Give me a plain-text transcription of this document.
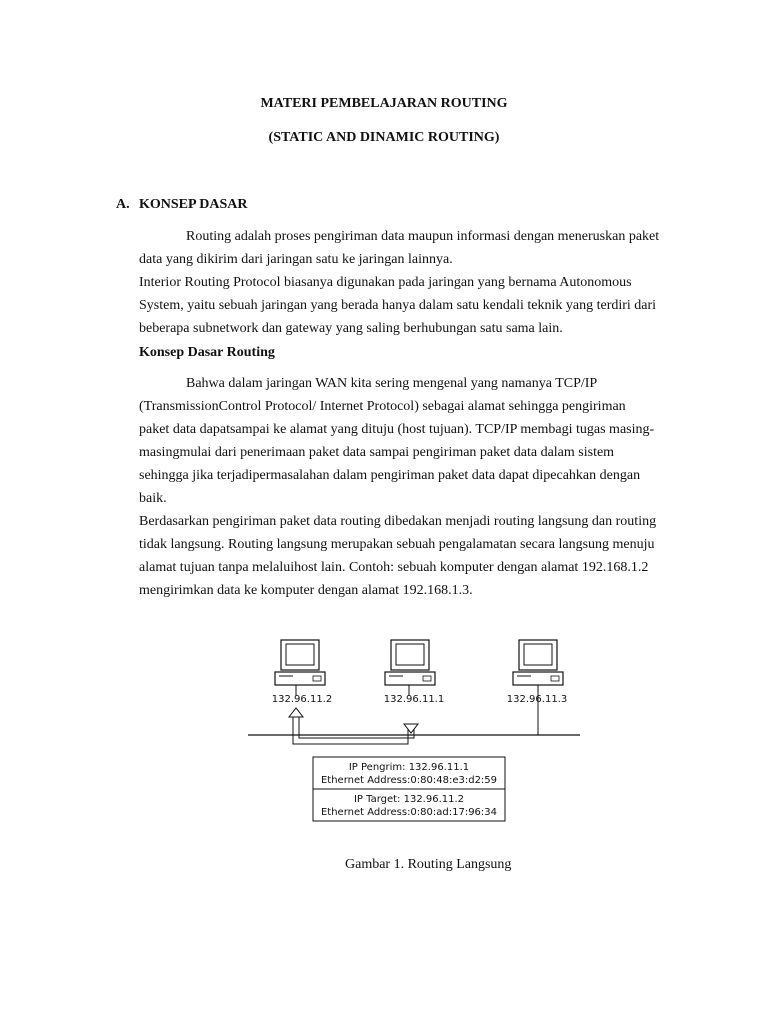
MATERI PEMBELAJARAN ROUTING
(STATIC AND DINAMIC ROUTING)
A. KONSEP DASAR
Routing adalah proses pengiriman data maupun informasi dengan meneruskan paket
data yang dikirim dari jaringan satu ke jaringan lainnya.
Interior Routing Protocol biasanya digunakan pada jaringan yang bernama Autonomous
System, yaitu sebuah jaringan yang berada hanya dalam satu kendali teknik yang terdiri dari
beberapa subnetwork dan gateway yang saling berhubungan satu sama lain.
Konsep Dasar Routing
Bahwa dalam jaringan WAN kita sering mengenal yang namanya TCP/IP
(TransmissionControl Protocol/ Internet Protocol) sebagai alamat sehingga pengiriman
paket data dapatsampai ke alamat yang dituju (host tujuan). TCP/IP membagi tugas masing-
masingmulai dari penerimaan paket data sampai pengiriman paket data dalam sistem
sehingga jika terjadipermasalahan dalam pengiriman paket data dapat dipecahkan dengan
baik.
Berdasarkan pengiriman paket data routing dibedakan menjadi routing langsung dan routing
tidak langsung. Routing langsung merupakan sebuah pengalamatan secara langsung menuju
alamat tujuan tanpa melaluihost lain. Contoh: sebuah komputer dengan alamat 192.168.1.2
mengirimkan data ke komputer dengan alamat 192.168.1.3.
132.96.11.2	132.96.11.1	132.96.11.3
IP Pengrim: 132.96.11.1
Ethernet Address:0:80:48:e3:d2:59
IP Target: 132.96.11.2
Ethernet Address:0:80:ad:17:96:34
Gambar 1. Routing Langsung
